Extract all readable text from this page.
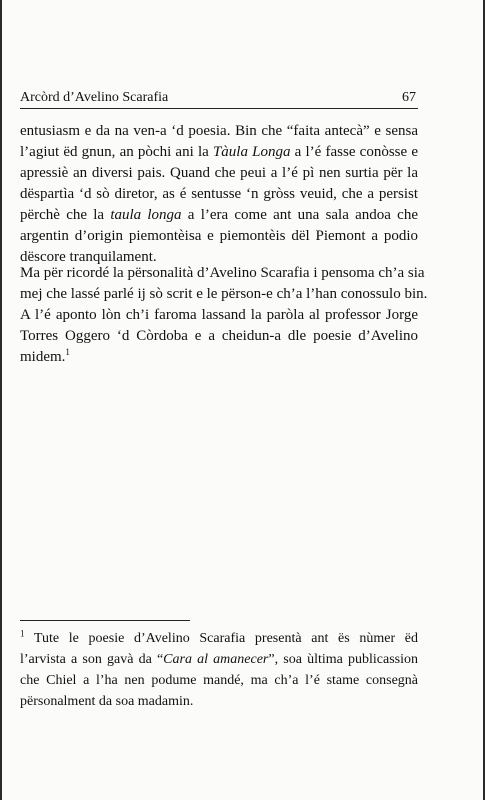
Arcòrd d’Avelino Scarafia	67

entusiasm e da na ven-a ‘d poesia. Bin che “faita antecà” e sensa
l’agiut ëd gnun, an pòchi ani la Tàula Longa a l’é fasse conòsse e
apressiè an diversi pais. Quand che peui a l’é pì nen surtia për la
dëspartìa ‘d sò diretor, as é sentusse ‘n gròss veuid, che a persist
përchè che la taula longa a l’era come ant una sala andoa che
argentin d’origin piemontèisa e piemontèis dël Piemont a podio
dëscore tranquilament.

Ma për ricordé la përsonalità d’Avelino Scarafia i pensoma ch’a sia
mej che lassé parlé ij sò scrit e le përson-e ch’a l’han conossulo bin.
A l’é aponto lòn ch’i faroma lassand la paròla al professor Jorge
Torres Oggero ‘d Còrdoba e a cheidun-a dle poesie d’Avelino
midem.$^1$

$^1$ Tute le poesie d’Avelino Scarafia presentà ant ës nùmer ëd
l’arvista a son gavà da “Cara al amanecer”, soa ùltima publicassion
che Chiel a l’ha nen podume mandé, ma ch’a l’é stame consegnà
përsonalment da soa madamin.
